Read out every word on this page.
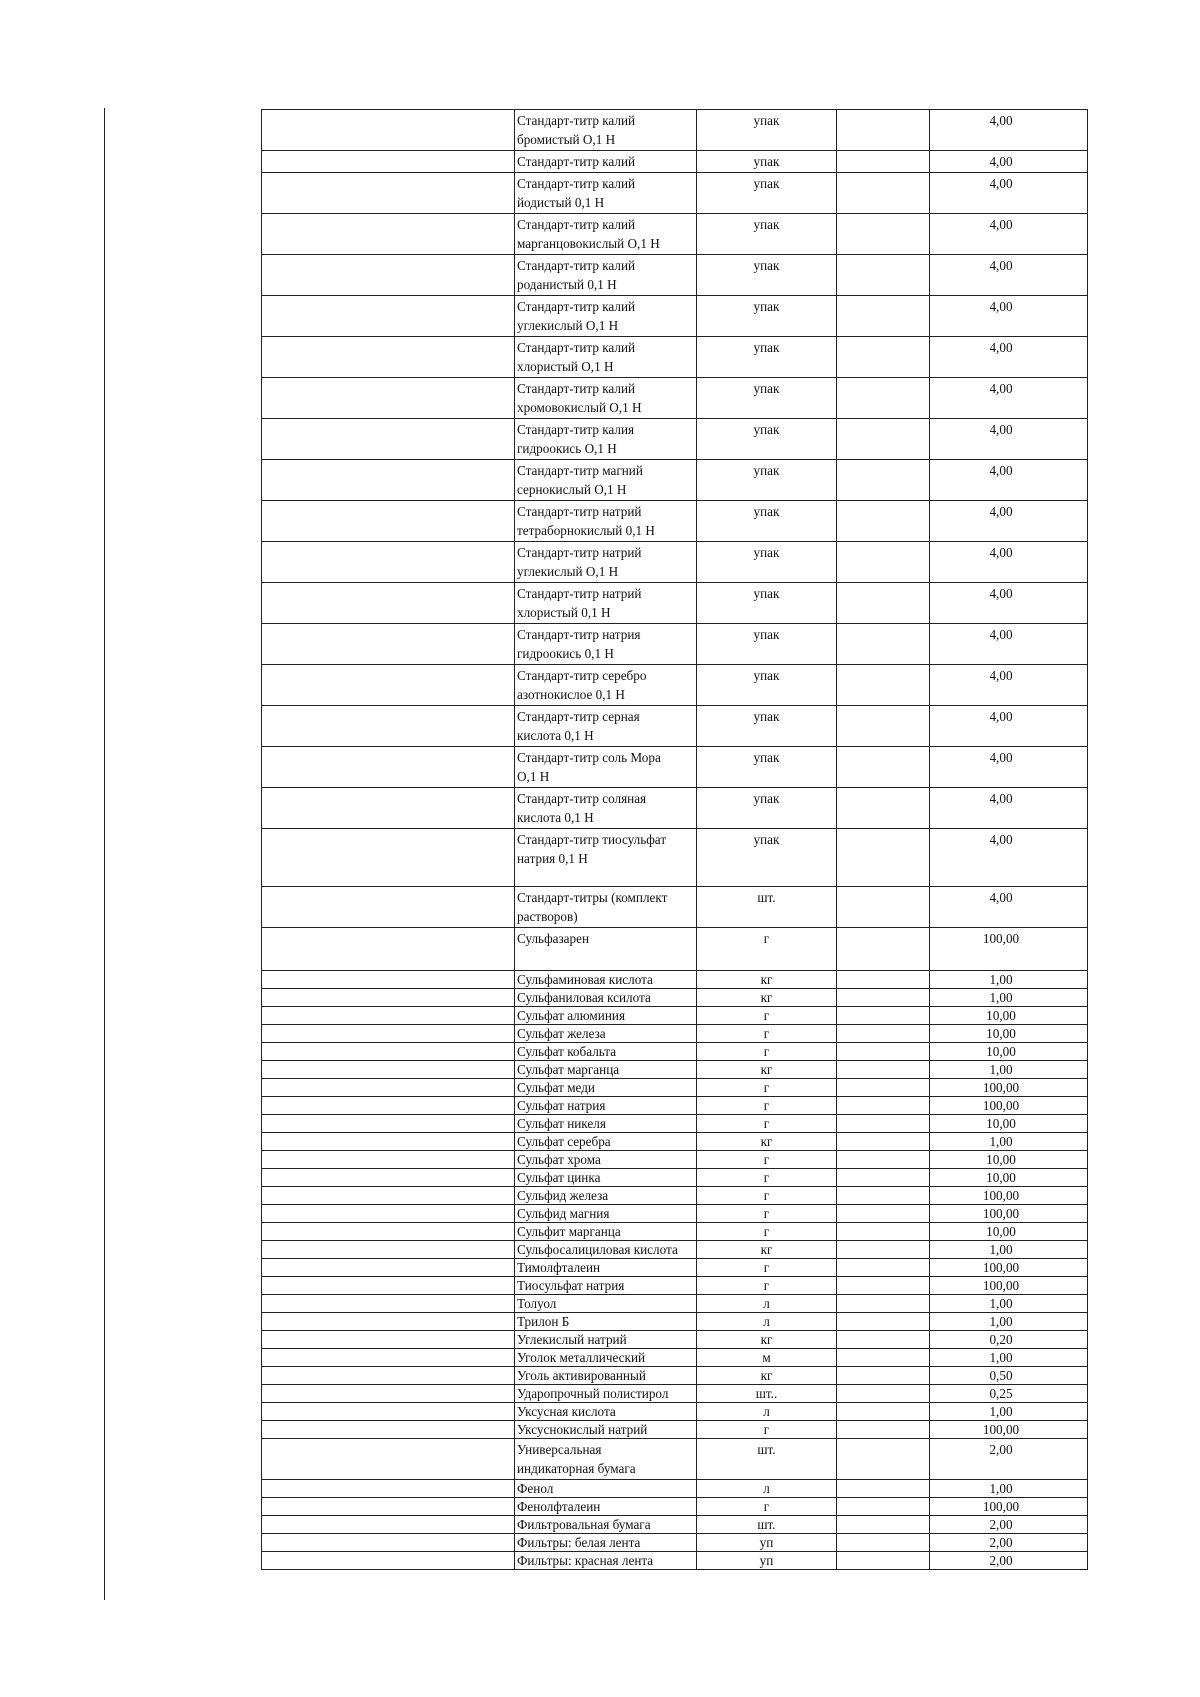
	Стандарт-титр калий
бромистый О,1 Н	упак		4,00
	Стандарт-титр калий	упак		4,00
	Стандарт-титр калий
йодистый 0,1 Н	упак		4,00
	Стандарт-титр калий
марганцовокислый О,1 Н	упак		4,00
	Стандарт-титр калий
роданистый 0,1 Н	упак		4,00
	Стандарт-титр калий
углекислый О,1 Н	упак		4,00
	Стандарт-титр калий
хлористый О,1 Н	упак		4,00
	Стандарт-титр калий
хромовокислый О,1 Н	упак		4,00
	Стандарт-титр калия
гидроокись О,1 Н	упак		4,00
	Стандарт-титр магний
сернокислый О,1 Н	упак		4,00
	Стандарт-титр натрий
тетраборнокислый 0,1 Н	упак		4,00
	Стандарт-титр натрий
углекислый О,1 Н	упак		4,00
	Стандарт-титр натрий
хлористый 0,1 Н	упак		4,00
	Стандарт-титр натрия
гидроокись 0,1 Н	упак		4,00
	Стандарт-титр серебро
азотнокислое 0,1 Н	упак		4,00
	Стандарт-титр серная
кислота 0,1 Н	упак		4,00
	Стандарт-титр соль Мора
О,1 Н	упак		4,00
	Стандарт-титр соляная
кислота 0,1 Н	упак		4,00
	Стандарт-титр тиосульфат
натрия 0,1 Н	упак		4,00
	Стандарт-титры (комплект
растворов)	шт.		4,00
	Сульфазарен	г		100,00
	Сульфаминовая кислота	кг		1,00
	Сульфаниловая ксилота	кг		1,00
	Сульфат алюминия	г		10,00
	Сульфат железа	г		10,00
	Сульфат кобальта	г		10,00
	Сульфат марганца	кг		1,00
	Сульфат меди	г		100,00
	Сульфат натрия	г		100,00
	Сульфат никеля	г		10,00
	Сульфат серебра	кг		1,00
	Сульфат хрома	г		10,00
	Сульфат цинка	г		10,00
	Сульфид железа	г		100,00
	Сульфид магния	г		100,00
	Сульфит марганца	г		10,00
	Сульфосалициловая кислота	кг		1,00
	Тимолфталеин	г		100,00
	Тиосульфат натрия	г		100,00
	Толуол	л		1,00
	Трилон Б	л		1,00
	Углекислый натрий	кг		0,20
	Уголок металлический	м		1,00
	Уголь активированный	кг		0,50
	Ударопрочный полистирол	шт..		0,25
	Уксусная кислота	л		1,00
	Уксуснокислый натрий	г		100,00
	Универсальная
индикаторная бумага	шт.		2,00
	Фенол	л		1,00
	Фенолфталеин	г		100,00
	Фильтровальная бумага	шт.		2,00
	Фильтры: белая лента	уп		2,00
	Фильтры: красная лента	уп		2,00
